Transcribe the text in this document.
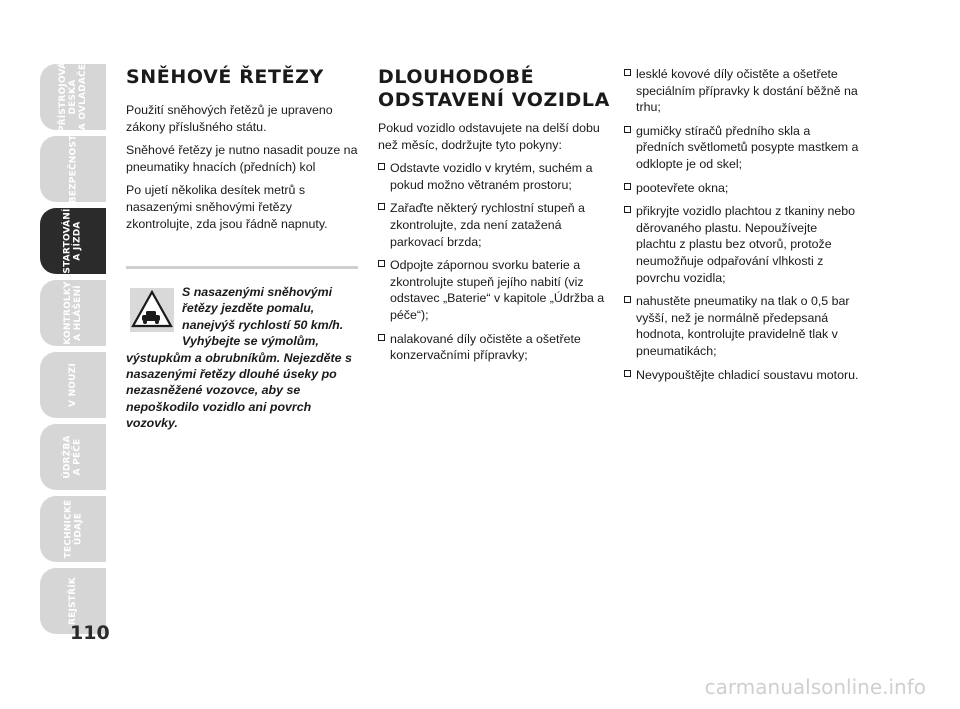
PŘÍSTROJOVÁ
DESKA
A OVLADAČE
BEZPEČNOST
STARTOVÁNÍ
A JÍZDA
KONTROLKY
A HLÁŠENÍ
V NOUZI
ÚDRŽBA
A PÉČE
TECHNICKÉ
ÚDAJE
REJSTŘÍK
110
SNĚHOVÉ ŘETĚZY

Použití sněhových řetězů je upraveno zákony příslušného státu.

Sněhové řetězy je nutno nasadit pouze na pneumatiky hnacích (předních) kol

Po ujetí několika desítek metrů s nasazenými sněhovými řetězy zkontrolujte, zda jsou řádně napnuty.

S nasazenými sněhovými řetězy jezděte pomalu, nanejvýš rychlostí 50 km/h. Vyhýbejte se výmolům, výstupkům a obrubníkům. Nejezděte s nasazenými řetězy dlouhé úseky po nezasněžené vozovce, aby se nepoškodilo vozidlo ani povrch vozovky.
DLOUHODOBÉ ODSTAVENÍ VOZIDLA

Pokud vozidlo odstavujete na delší dobu než měsíc, dodržujte tyto pokyny:

Odstavte vozidlo v krytém, suchém a pokud možno větraném prostoru;
Zařaďte některý rychlostní stupeň a zkontrolujte, zda není zatažená parkovací brzda;
Odpojte zápornou svorku baterie a zkontrolujte stupeň jejího nabití (viz odstavec „Baterie“ v kapitole „Údržba a péče“);
nalakované díly očistěte a ošetřete konzervačními přípravky;
lesklé kovové díly očistěte a ošetřete speciálním přípravky k dostání běžně na trhu;
gumičky stíračů předního skla a předních světlometů posypte mastkem a odklopte je od skel;
pootevřete okna;
přikryjte vozidlo plachtou z tkaniny nebo děrovaného plastu. Nepoužívejte plachtu z plastu bez otvorů, protože neumožňuje odpařování vlhkosti z povrchu vozidla;
nahustěte pneumatiky na tlak o 0,5 bar vyšší, než je normálně předepsaná hodnota, kontrolujte pravidelně tlak v pneumatikách;
Nevypouštějte chladicí soustavu motoru.
carmanualsonline.info
